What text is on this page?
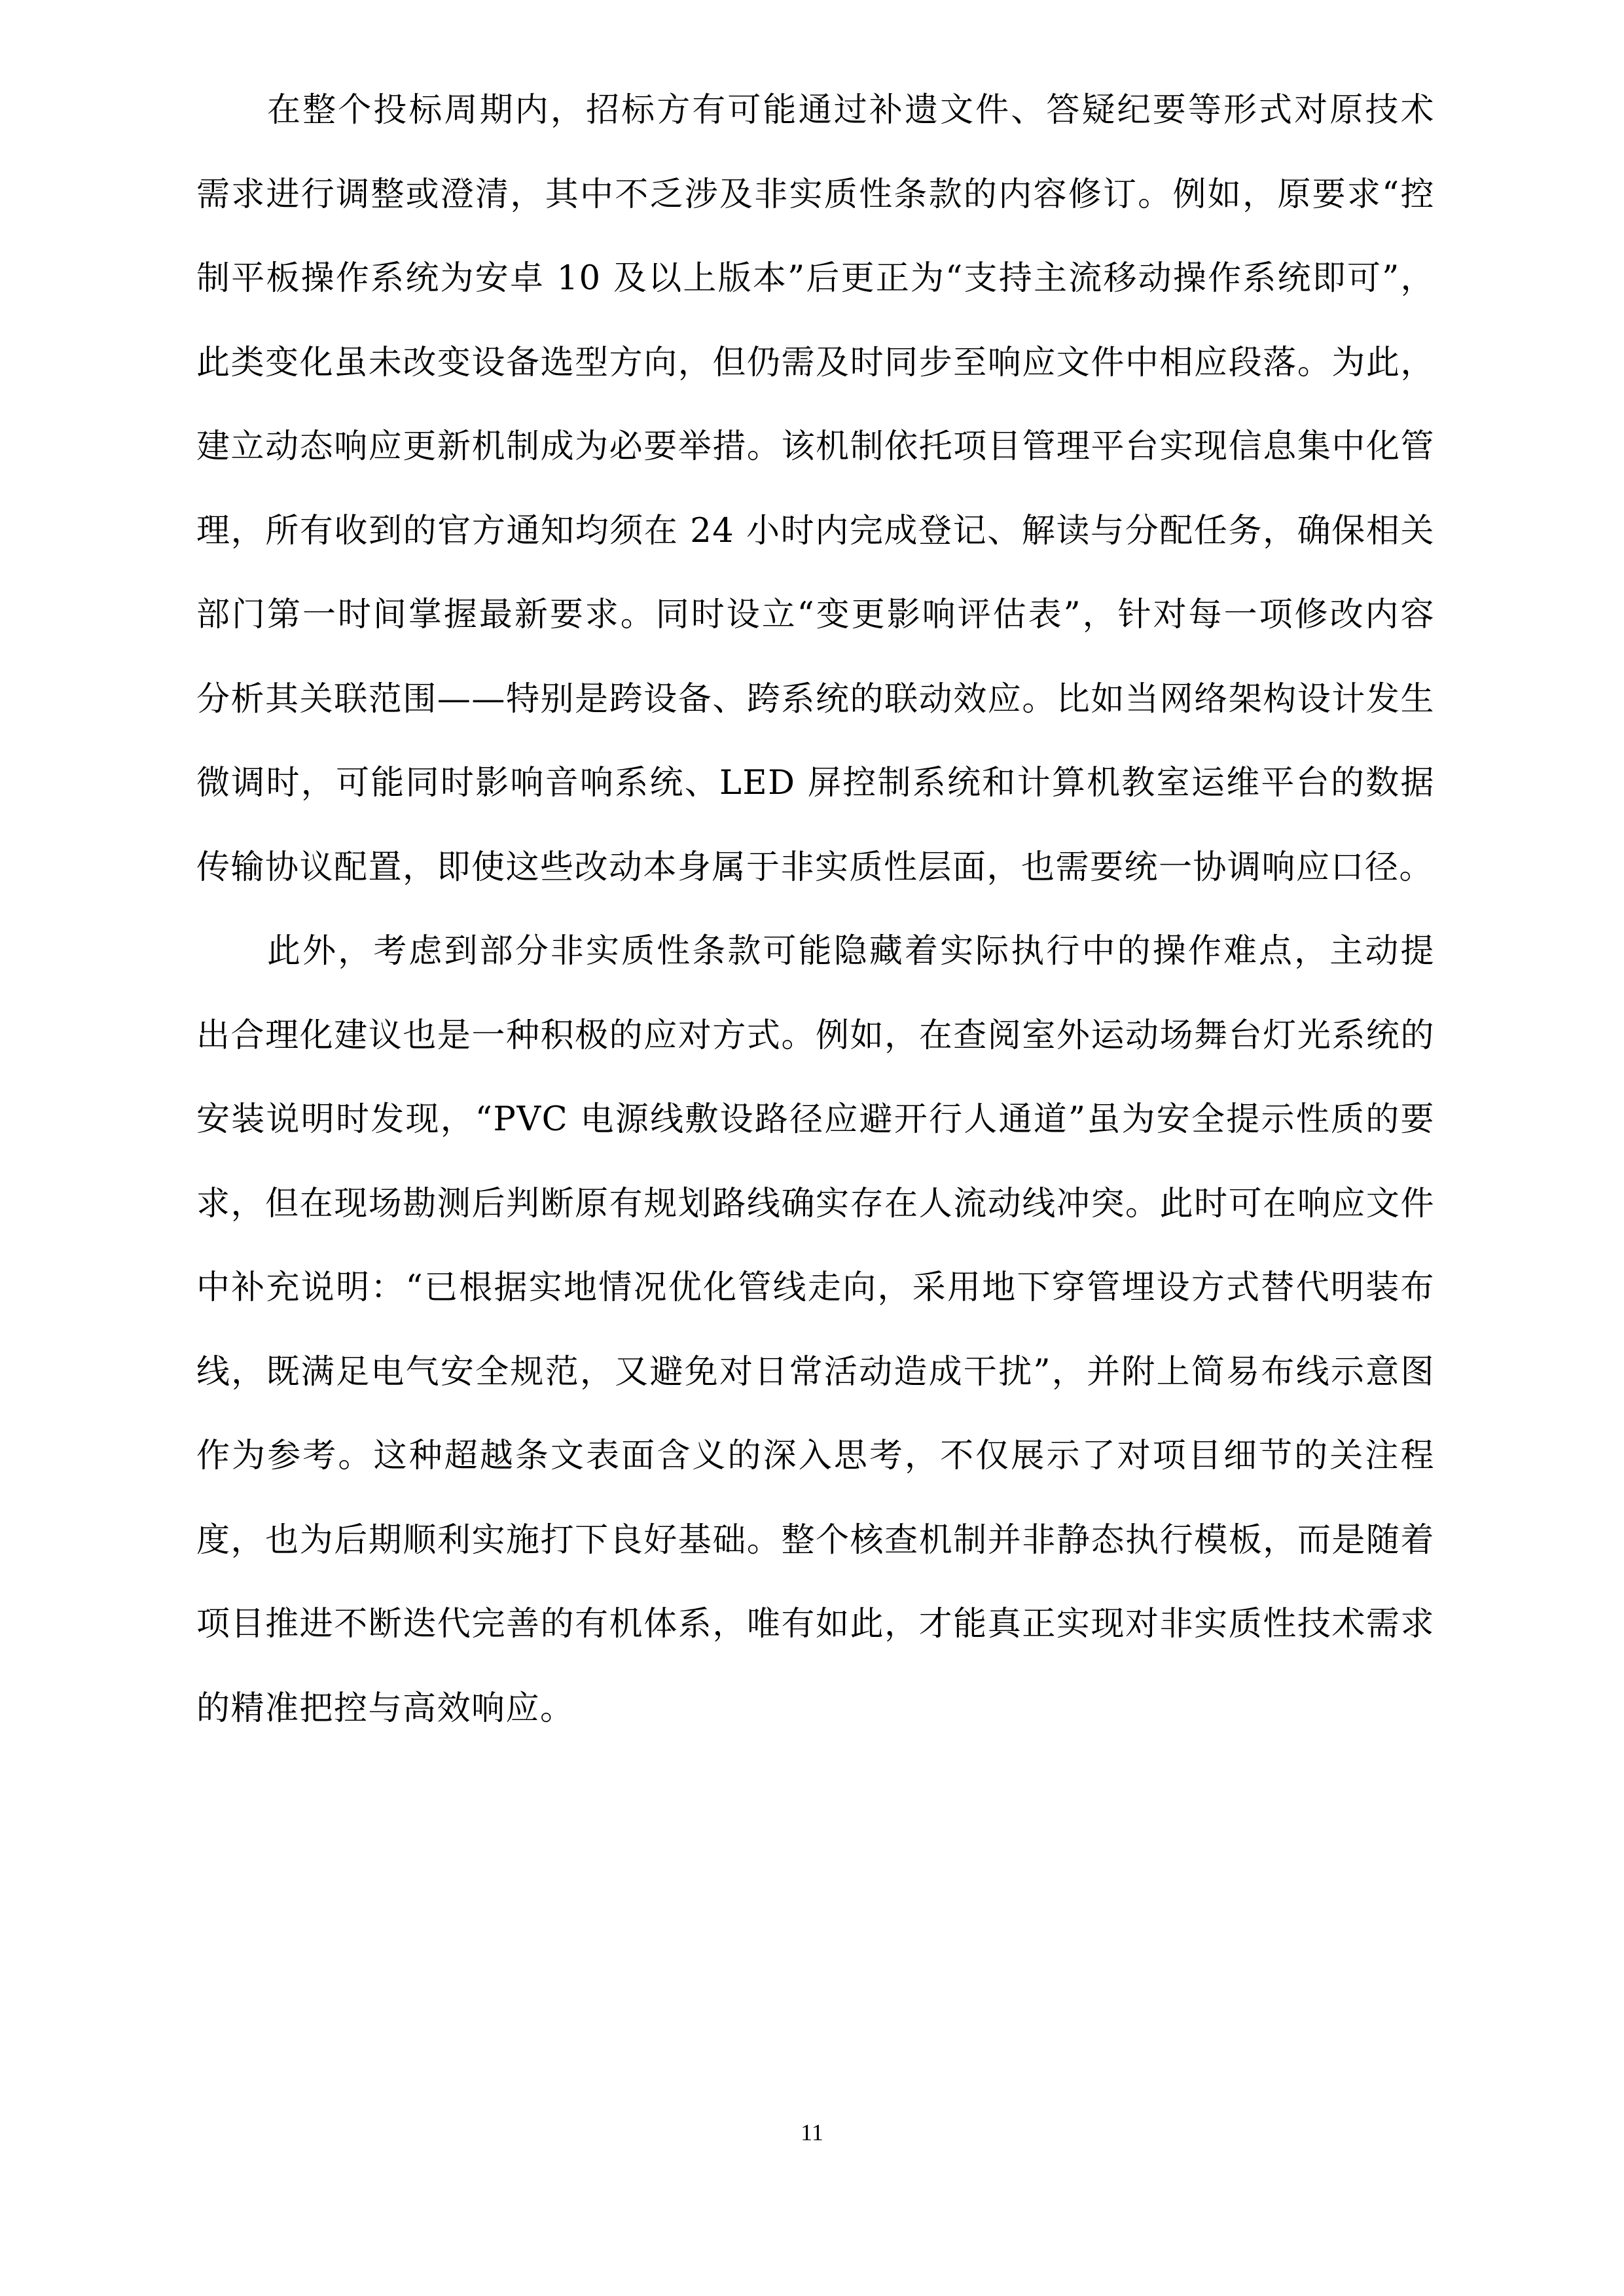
在整个投标周期内，招标方有可能通过补遗文件、答疑纪要等形式对原技术需求进行调整或澄清，其中不乏涉及非实质性条款的内容修订。例如，原要求“控制平板操作系统为安卓 10 及以上版本”后更正为“支持主流移动操作系统即可”，此类变化虽未改变设备选型方向，但仍需及时同步至响应文件中相应段落。为此，建立动态响应更新机制成为必要举措。该机制依托项目管理平台实现信息集中化管理，所有收到的官方通知均须在 24 小时内完成登记、解读与分配任务，确保相关部门第一时间掌握最新要求。同时设立“变更影响评估表”，针对每一项修改内容分析其关联范围——特别是跨设备、跨系统的联动效应。比如当网络架构设计发生微调时，可能同时影响音响系统、LED 屏控制系统和计算机教室运维平台的数据传输协议配置，即使这些改动本身属于非实质性层面，也需要统一协调响应口径。

此外，考虑到部分非实质性条款可能隐藏着实际执行中的操作难点，主动提出合理化建议也是一种积极的应对方式。例如，在查阅室外运动场舞台灯光系统的安装说明时发现，“PVC 电源线敷设路径应避开行人通道”虽为安全提示性质的要求，但在现场勘测后判断原有规划路线确实存在人流动线冲突。此时可在响应文件中补充说明：“已根据实地情况优化管线走向，采用地下穿管埋设方式替代明装布线，既满足电气安全规范，又避免对日常活动造成干扰”，并附上简易布线示意图作为参考。这种超越条文表面含义的深入思考，不仅展示了对项目细节的关注程度，也为后期顺利实施打下良好基础。整个核查机制并非静态执行模板，而是随着项目推进不断迭代完善的有机体系，唯有如此，才能真正实现对非实质性技术需求的精准把控与高效响应。

11
